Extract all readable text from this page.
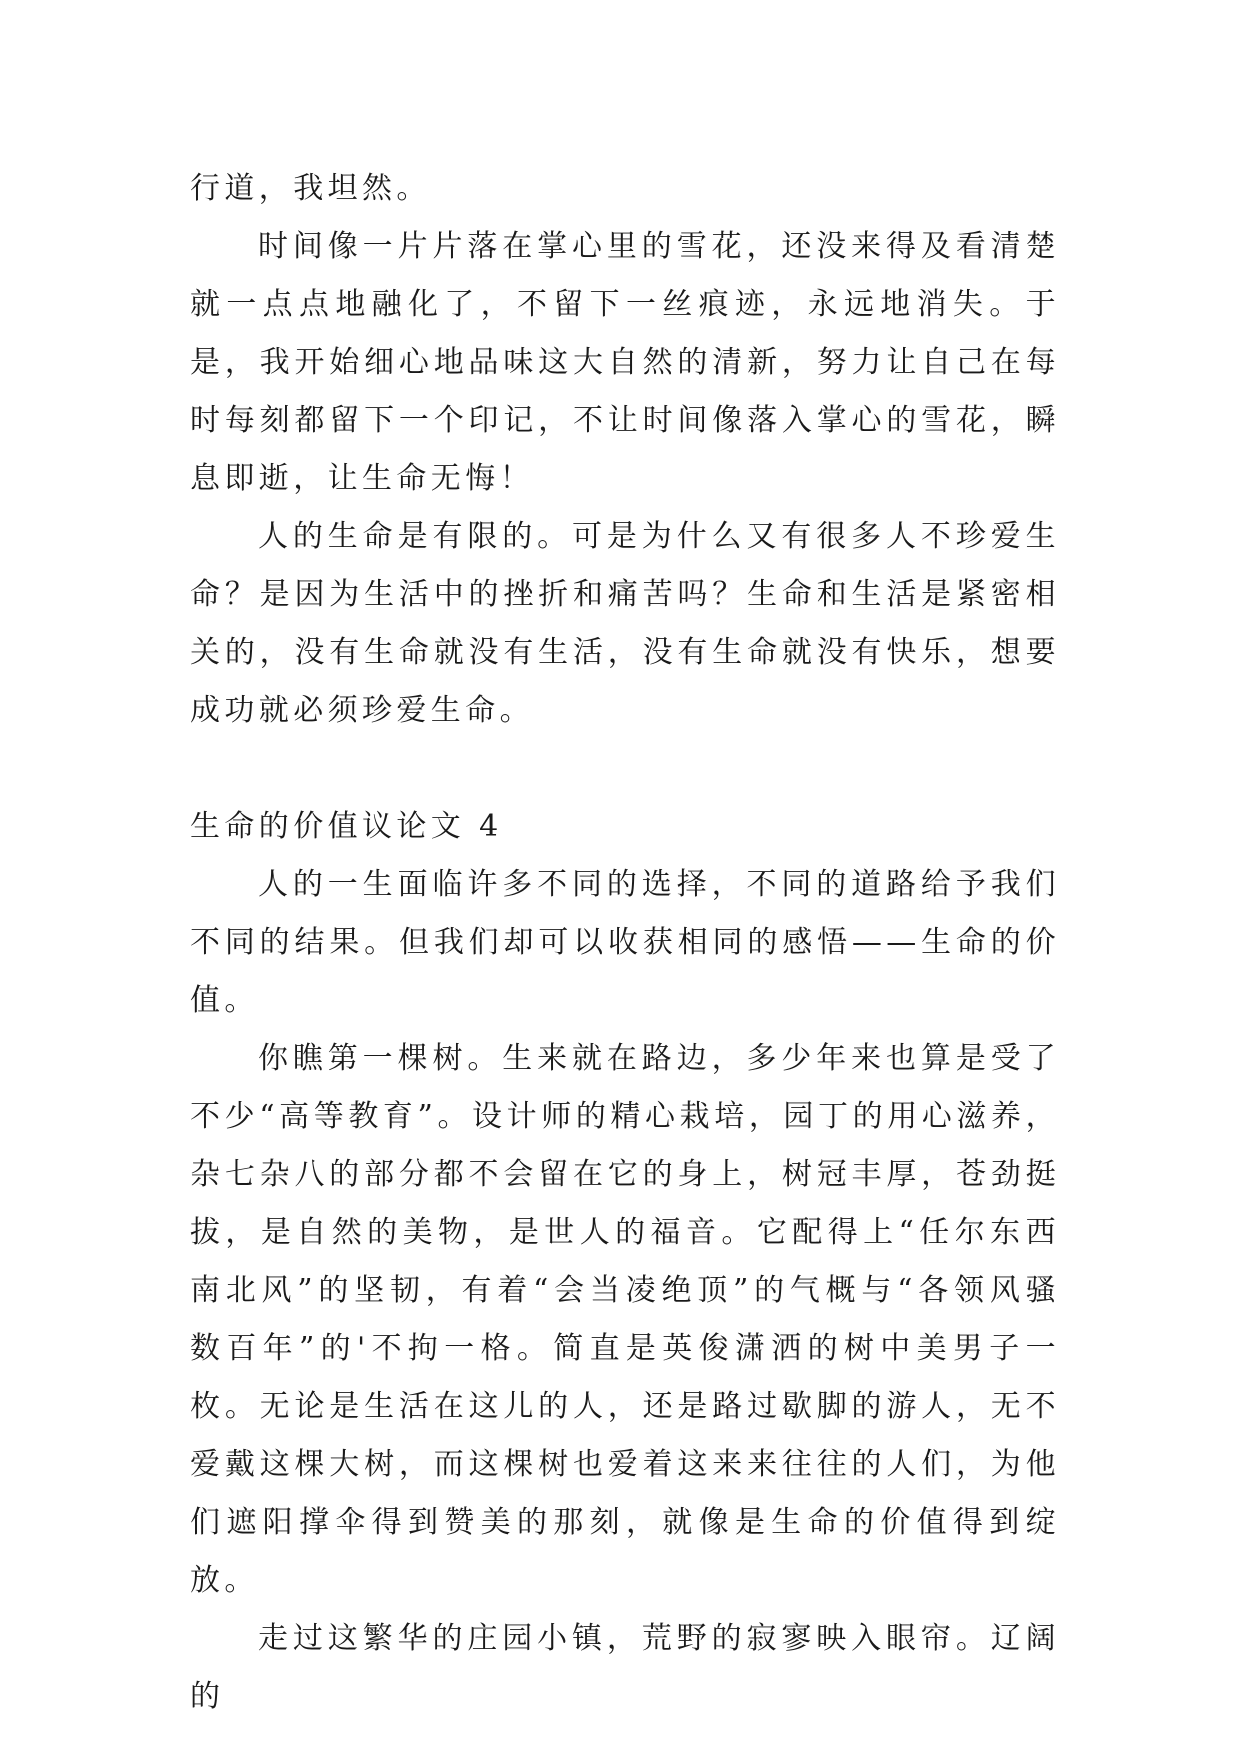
行道，我坦然。

时间像一片片落在掌心里的雪花，还没来得及看清楚就一点点地融化了，不留下一丝痕迹，永远地消失。于是，我开始细心地品味这大自然的清新，努力让自己在每时每刻都留下一个印记，不让时间像落入掌心的雪花，瞬息即逝，让生命无悔！

人的生命是有限的。可是为什么又有很多人不珍爱生命？是因为生活中的挫折和痛苦吗？生命和生活是紧密相关的，没有生命就没有生活，没有生命就没有快乐，想要成功就必须珍爱生命。

生命的价值议论文 4

人的一生面临许多不同的选择，不同的道路给予我们不同的结果。但我们却可以收获相同的感悟——生命的价值。

你瞧第一棵树。生来就在路边，多少年来也算是受了不少“高等教育”。设计师的精心栽培，园丁的用心滋养，杂七杂八的部分都不会留在它的身上，树冠丰厚，苍劲挺拔，是自然的美物，是世人的福音。它配得上“任尔东西南北风”的坚韧，有着“会当凌绝顶”的气概与“各领风骚数百年”的'不拘一格。简直是英俊潇洒的树中美男子一枚。无论是生活在这儿的人，还是路过歇脚的游人，无不爱戴这棵大树，而这棵树也爱着这来来往往的人们，为他们遮阳撑伞得到赞美的那刻，就像是生命的价值得到绽放。

走过这繁华的庄园小镇，荒野的寂寥映入眼帘。辽阔的
